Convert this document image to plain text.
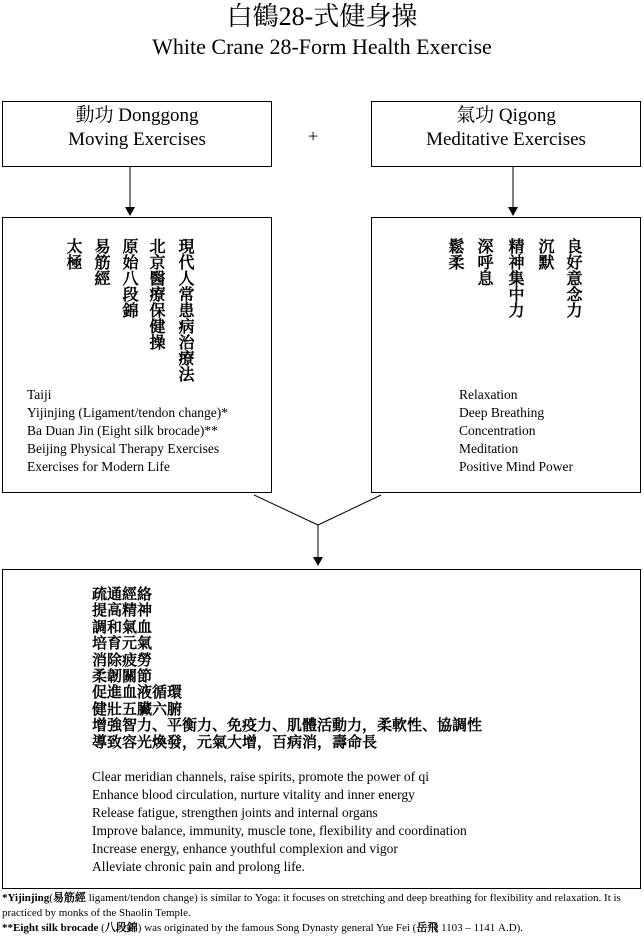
白鶴28-式健身操
White Crane 28-Form Health Exercise
動功 Donggong
Moving Exercises	+
氣功 Qigong
Meditative Exercises
現代人常患病治療法
北京醫療保健操
原始八段錦
易筋經
太極
Taiji
Yijinjing (Ligament/tendon change)*
Ba Duan Jin (Eight silk brocade)**
Beijing Physical Therapy Exercises
Exercises for Modern Life
良好意念力
沉默
精神集中力
深呼息
鬆柔
Relaxation
Deep Breathing
Concentration
Meditation
Positive Mind Power
疏通經絡
提高精神
調和氣血
培育元氣
消除疲勞
柔韌關節
促進血液循環
健壯五臟六腑
增強智力、平衡力、免疫力、肌體活動力，柔軟性、協調性
導致容光煥發，元氣大增，百病消，壽命長
Clear meridian channels, raise spirits, promote the power of qi
Enhance blood circulation, nurture vitality and inner energy
Release fatigue, strengthen joints and internal organs
Improve balance, immunity, muscle tone, flexibility and coordination
Increase energy, enhance youthful complexion and vigor
Alleviate chronic pain and prolong life.
*Yijinjing(易筋經 ligament/tendon change) is similar to Yoga: it focuses on stretching and deep breathing for flexibility and relaxation. It is practiced by monks of the Shaolin Temple.
**Eight silk brocade (八段錦) was originated by the famous Song Dynasty general Yue Fei (岳飛 1103 – 1141 A.D).
